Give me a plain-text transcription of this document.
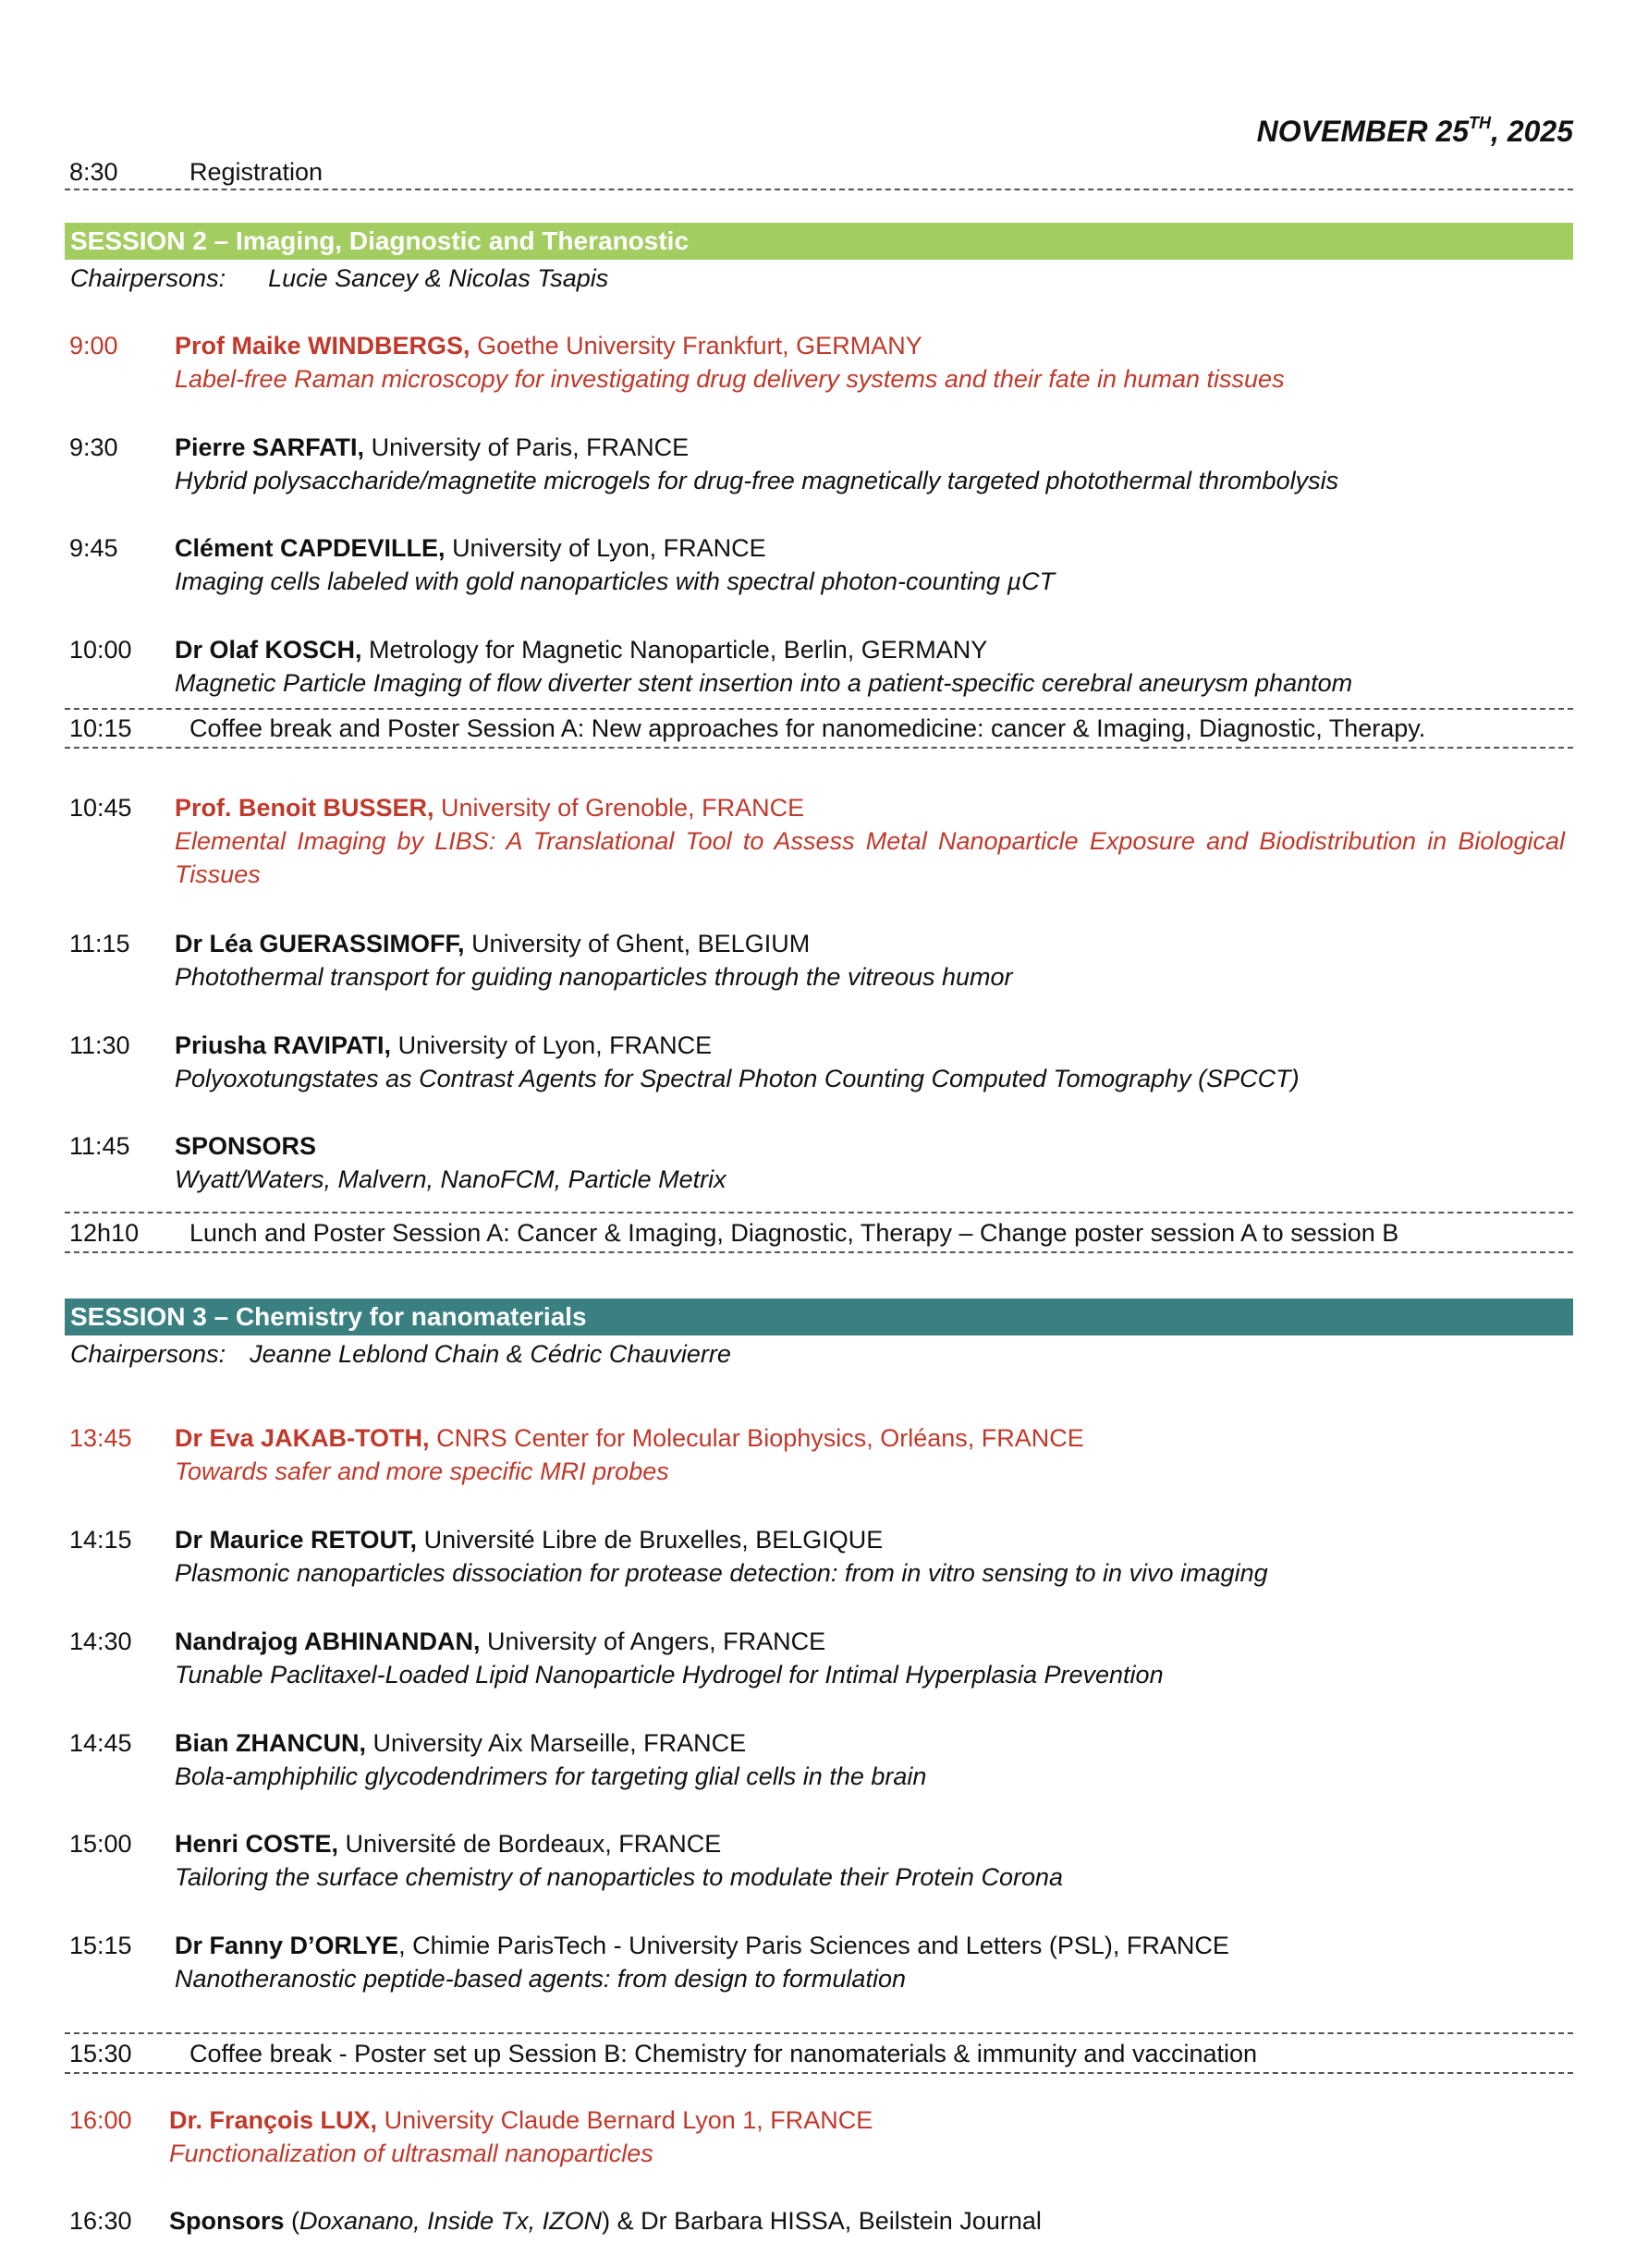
NOVEMBER 25TH, 2025
8:30	Registration
SESSION 2 – Imaging, Diagnostic and Theranostic
Chairpersons: Lucie Sancey & Nicolas Tsapis
9:00 Prof Maike WINDBERGS, Goethe University Frankfurt, GERMANY
Label-free Raman microscopy for investigating drug delivery systems and their fate in human tissues
9:30 Pierre SARFATI, University of Paris, FRANCE
Hybrid polysaccharide/magnetite microgels for drug-free magnetically targeted photothermal thrombolysis
9:45 Clément CAPDEVILLE, University of Lyon, FRANCE
Imaging cells labeled with gold nanoparticles with spectral photon-counting µCT
10:00 Dr Olaf KOSCH, Metrology for Magnetic Nanoparticle, Berlin, GERMANY
Magnetic Particle Imaging of flow diverter stent insertion into a patient-specific cerebral aneurysm phantom
10:15 Coffee break and Poster Session A: New approaches for nanomedicine: cancer & Imaging, Diagnostic, Therapy.
10:45 Prof. Benoit BUSSER, University of Grenoble, FRANCE
Elemental Imaging by LIBS: A Translational Tool to Assess Metal Nanoparticle Exposure and Biodistribution in Biological Tissues
11:15 Dr Léa GUERASSIMOFF, University of Ghent, BELGIUM
Photothermal transport for guiding nanoparticles through the vitreous humor
11:30 Priusha RAVIPATI, University of Lyon, FRANCE
Polyoxotungstates as Contrast Agents for Spectral Photon Counting Computed Tomography (SPCCT)
11:45 SPONSORS
Wyatt/Waters, Malvern, NanoFCM, Particle Metrix
12h10 Lunch and Poster Session A: Cancer & Imaging, Diagnostic, Therapy – Change poster session A to session B
SESSION 3 – Chemistry for nanomaterials
Chairpersons: Jeanne Leblond Chain & Cédric Chauvierre
13:45 Dr Eva JAKAB-TOTH, CNRS Center for Molecular Biophysics, Orléans, FRANCE
Towards safer and more specific MRI probes
14:15 Dr Maurice RETOUT, Université Libre de Bruxelles, BELGIQUE
Plasmonic nanoparticles dissociation for protease detection: from in vitro sensing to in vivo imaging
14:30 Nandrajog ABHINANDAN, University of Angers, FRANCE
Tunable Paclitaxel-Loaded Lipid Nanoparticle Hydrogel for Intimal Hyperplasia Prevention
14:45 Bian ZHANCUN, University Aix Marseille, FRANCE
Bola-amphiphilic glycodendrimers for targeting glial cells in the brain
15:00 Henri COSTE, Université de Bordeaux, FRANCE
Tailoring the surface chemistry of nanoparticles to modulate their Protein Corona
15:15 Dr Fanny D’ORLYE, Chimie ParisTech - University Paris Sciences and Letters (PSL), FRANCE
Nanotheranostic peptide-based agents: from design to formulation
15:30 Coffee break - Poster set up Session B: Chemistry for nanomaterials & immunity and vaccination
16:00 Dr. François LUX, University Claude Bernard Lyon 1, FRANCE
Functionalization of ultrasmall nanoparticles
16:30 Sponsors (Doxanano, Inside Tx, IZON) & Dr Barbara HISSA, Beilstein Journal
